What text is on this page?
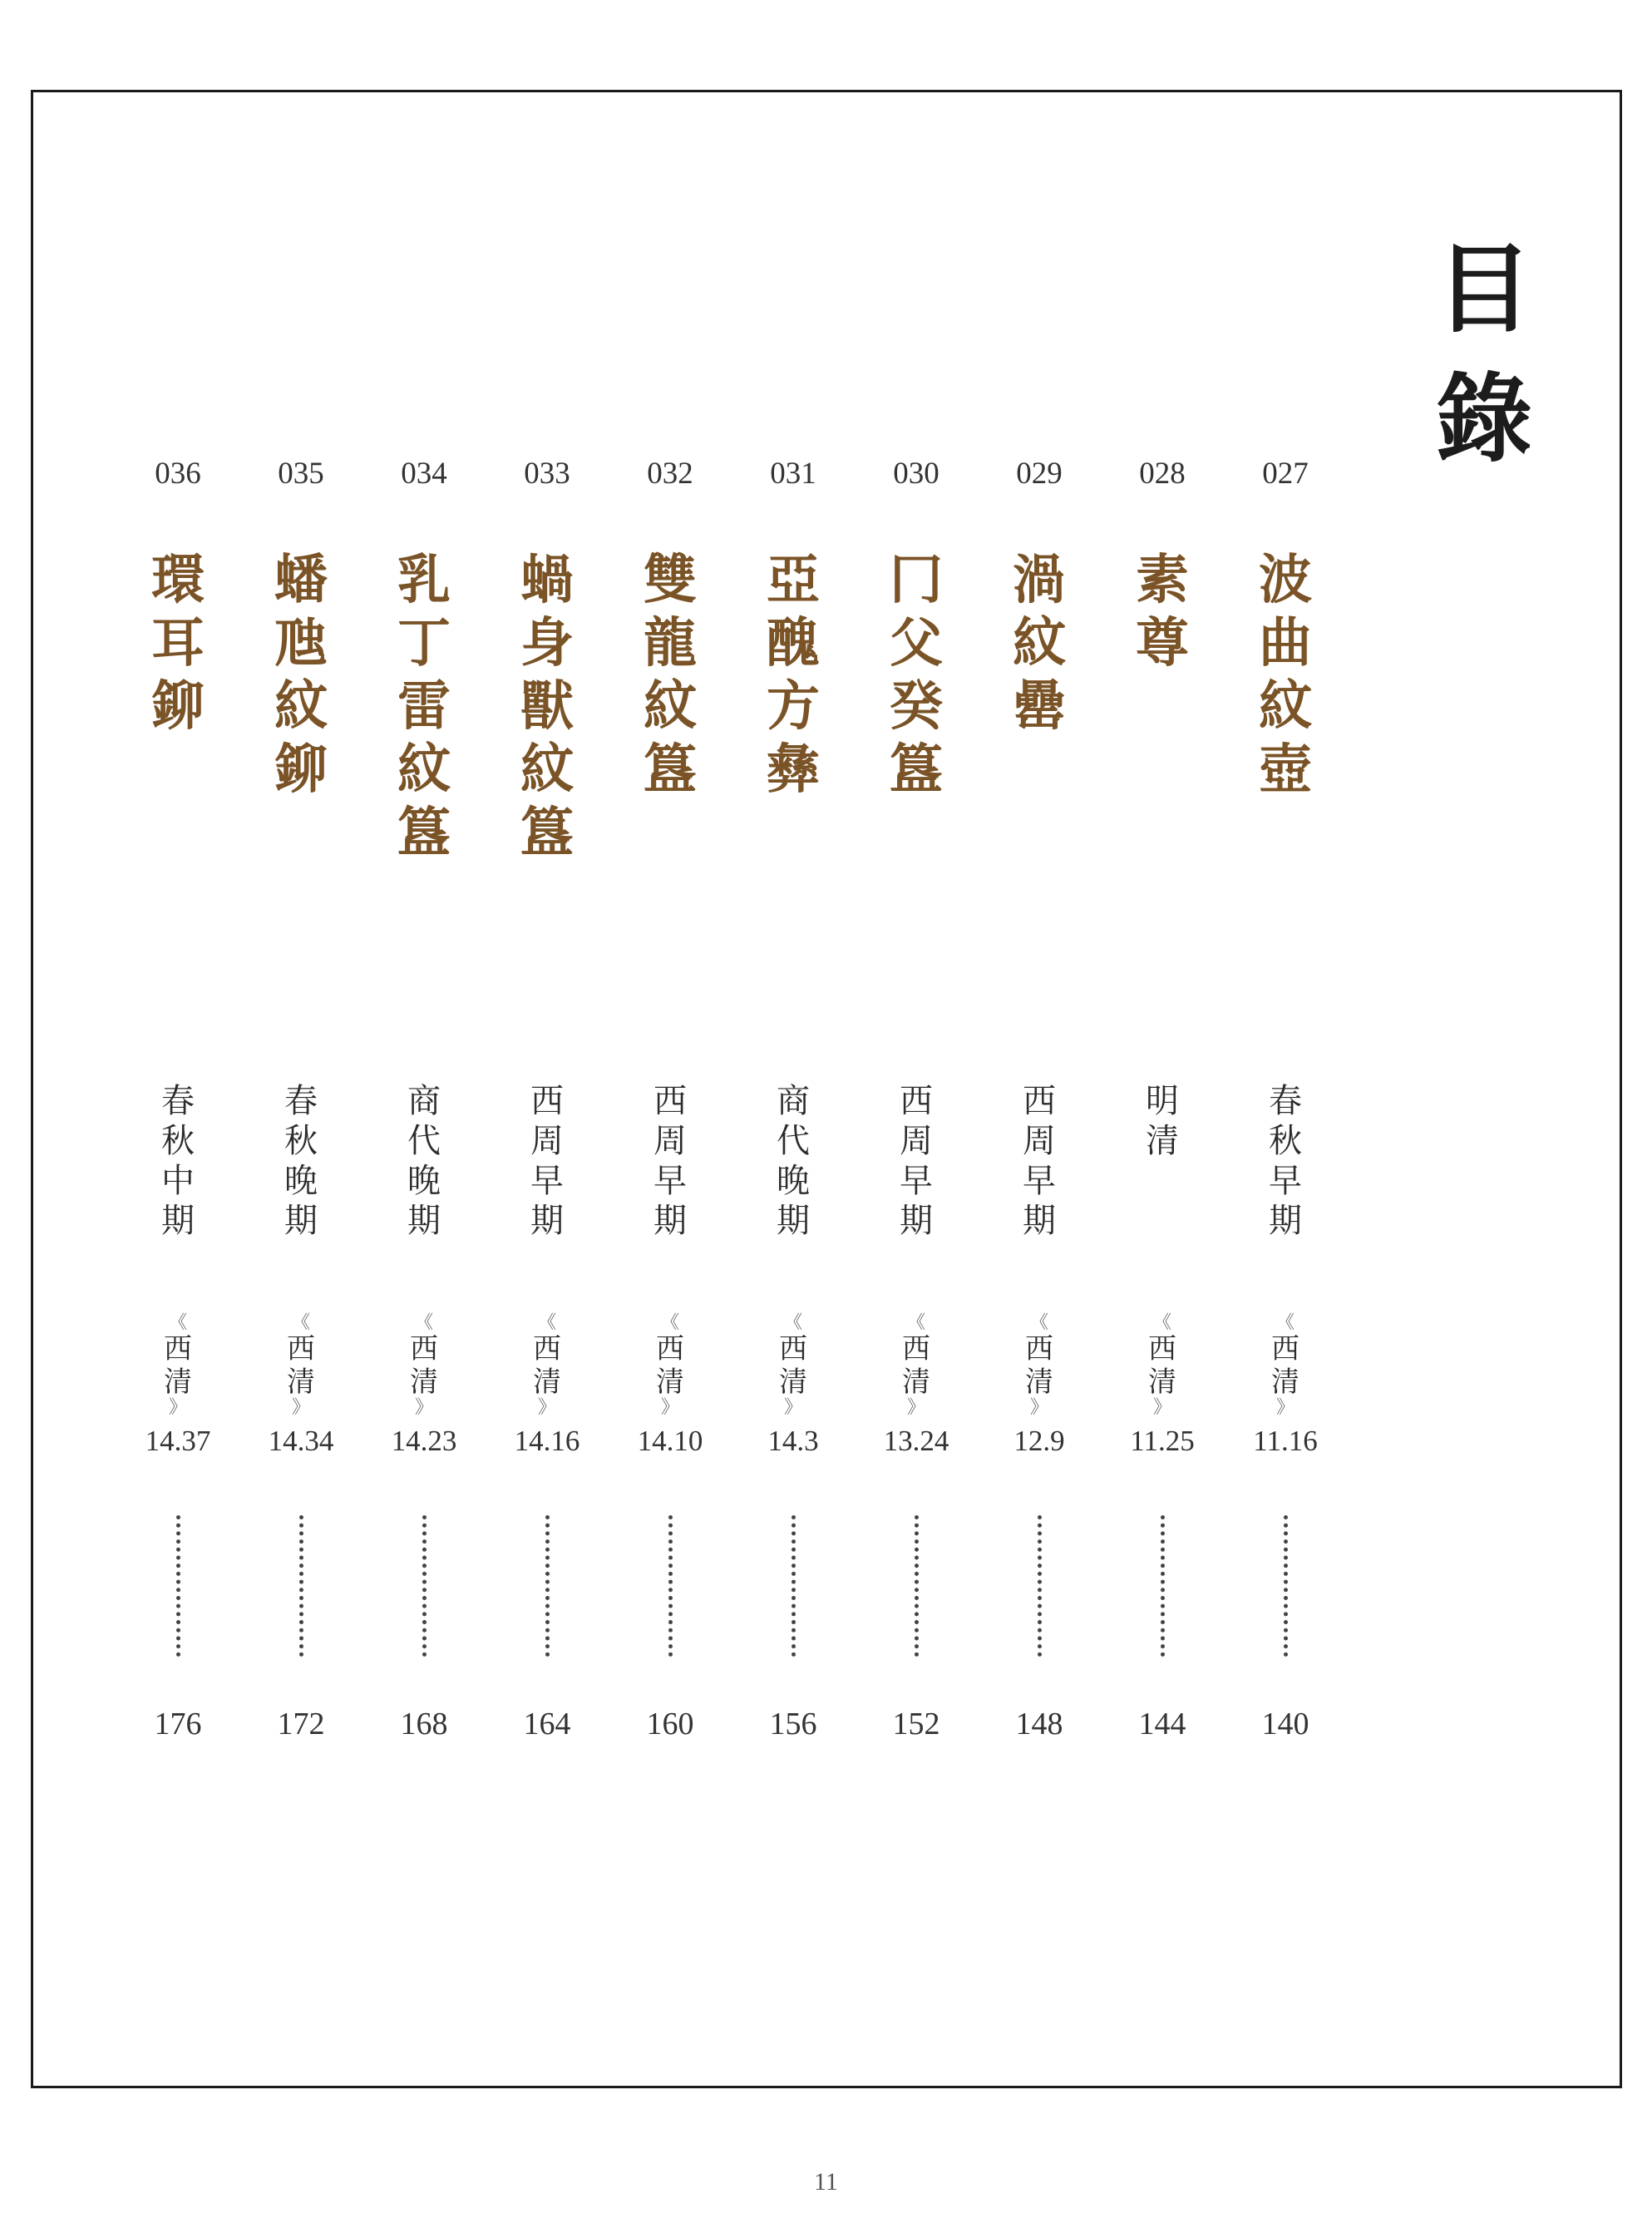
目
錄
027
波
曲
紋
壺
春
秋
早
期
《
西
清
》
11.16
140
028
素
尊
明
清
《
西
清
》
11.25
144
029
渦
紋
罍
西
周
早
期
《
西
清
》
12.9
148
030
冂
父
癸
簋
西
周
早
期
《
西
清
》
13.24
152
031
亞
醜
方
彝
商
代
晚
期
《
西
清
》
14.3
156
032
雙
龍
紋
簋
西
周
早
期
《
西
清
》
14.10
160
033
蝸
身
獸
紋
簋
西
周
早
期
《
西
清
》
14.16
164
034
乳
丁
雷
紋
簋
商
代
晚
期
《
西
清
》
14.23
168
035
蟠
虺
紋
鉚
春
秋
晚
期
《
西
清
》
14.34
172
036
環
耳
鉚
春
秋
中
期
《
西
清
》
14.37
176
11
